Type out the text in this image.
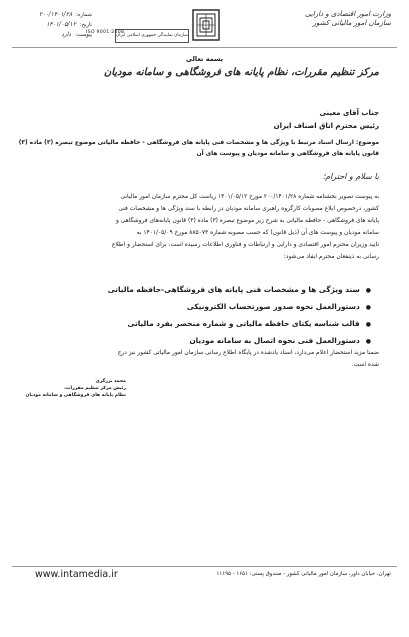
وزارت امور اقتصادی و دارایی
سازمان امور مالیاتی کشور
سازمان نمایندگی جمهوری اسلامی ایران
ISO 9001:2008
شماره:
۲۰۰/۱۴۰۱/۲۸
تاریخ:
۱۴۰۱/۰۵/۱۲
پیوست:
دارد
بسمه تعالی
مرکز تنظیم مقررات، نظام پایانه های فروشگاهی و سامانه مودیان
جناب آقای معینی
رئیس محترم اتاق اصناف ایران
موضوع: ارسال اسناد مرتبط با ویژگی ها و مشخصات فنی پایانه های فروشگاهی - حافظه مالیاتی موضوع تبصره (۳) ماده (۳)
قانون پایانه های فروشگاهی و سامانه مودیان و پیوست های آن
با سلام و احترام؛
به پیوست تصویر بخشنامه شماره ۲۰۰/۱۴۰۱/۲۸ مورخ ۱۴۰۱/۰۵/۱۲ ریاست کل محترم سازمان امور مالیاتی
کشور، درخصوص ابلاغ مصوبات کارگروه راهبری سامانه مودیان در رابطه با سند ویژگی ها و مشخصات فنی
پایانه های فروشگاهی - حافظه مالیاتی به شرح زیر موضوع تبصره (۳) ماده (۳) قانون پایانه‌های فروشگاهی و
سامانه مودیان و پیوست های آن (ذیل قانون) که حسب مصوبه شماره ۸۸۵۰۷۳ مورخ ۱۴۰۱/۰۵/۰۹ به
تایید وزیران محترم امور اقتصادی و دارایی و ارتباطات و فناوری اطلاعات رسیده است، برای استحضار و اطلاع
رسانی به ذینفعان محترم ایفاد می‌شود:
● سند ویژگی ها و مشخصات فنی پایانه های فروشگاهی-حافظه مالیاتی
● دستورالعمل نحوه صدور صورتحساب الکترونیکی
● قالب شناسه یکتای حافظه مالیاتی و شماره منحصر بفرد مالیاتی
● دستورالعمل فنی نحوه اتصال به سامانه مودیان
ضمنا مزید استحضار اعلام می‌دارد، اسناد یادشده در پایگاه اطلاع رسانی سازمان امور مالیاتی کشور نیز درج
شده است.
محمد برزگری
رئیس مرکز تنظیم مقررات،
نظام پایانه های فروشگاهی و سامانه مودیان
www.intamedia.ir	تهران، خیابان داور، سازمان امور مالیاتی کشور - صندوق پستی: ۱۶۵۱ - ۱۱۱۹۵
